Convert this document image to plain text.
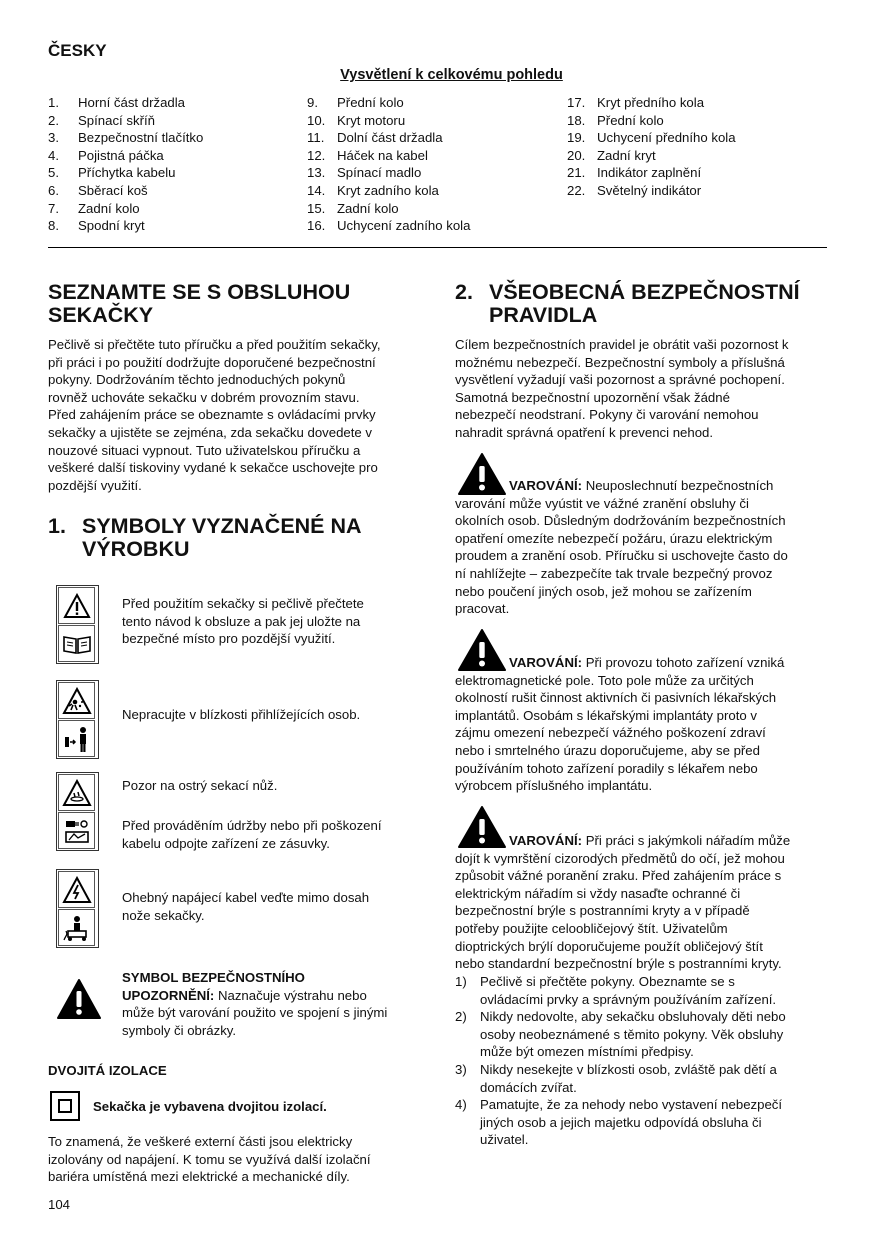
ČESKY
Vysvětlení k celkovému pohledu
1. Horní část držadla
2. Spínací skříň
3. Bezpečnostní tlačítko
4. Pojistná páčka
5. Příchytka kabelu
6. Sběrací koš
7. Zadní kolo
8. Spodní kryt
9. Přední kolo
10. Kryt motoru
11. Dolní část držadla
12. Háček na kabel
13. Spínací madlo
14. Kryt zadního kola
15. Zadní kolo
16. Uchycení zadního kola
17. Kryt předního kola
18. Přední kolo
19. Uchycení předního kola
20. Zadní kryt
21. Indikátor zaplnění
22. Světelný indikátor
SEZNAMTE SE S OBSLUHOU
SEKAČKY

Pečlivě si přečtěte tuto příručku a před použitím sekačky,
při práci i po použití dodržujte doporučené bezpečnostní
pokyny. Dodržováním těchto jednoduchých pokynů
rovněž uchováte sekačku v dobrém provozním stavu.
Před zahájením práce se obeznamte s ovládacími prvky
sekačky a ujistěte se zejména, zda sekačku dovedete v
nouzové situaci vypnout. Tuto uživatelskou příručku a
veškeré další tiskoviny vydané k sekačce uschovejte pro
pozdější využití.

1. SYMBOLY VYZNAČENÉ NA
VÝROBKU
Před použitím sekačky si pečlivě přečtete
tento návod k obsluze a pak jej uložte na
bezpečné místo pro pozdější využití.
Nepracujte v blízkosti přihlížejících osob.
Pozor na ostrý sekací nůž.
Před prováděním údržby nebo při poškození
kabelu odpojte zařízení ze zásuvky.
Ohebný napájecí kabel veďte mimo dosah
nože sekačky.
SYMBOL BEZPEČNOSTNÍHO
UPOZORNĚNÍ: Naznačuje výstrahu nebo
může být varování použito ve spojení s jinými
symboly či obrázky.
DVOJITÁ IZOLACE
Sekačka je vybavena dvojitou izolací.
To znamená, že veškeré externí části jsou elektricky
izolovány od napájení. K tomu se využívá další izolační
bariéra umístěná mezi elektrické a mechanické díly.
104
2. VŠEOBECNÁ BEZPEČNOSTNÍ
PRAVIDLA
Cílem bezpečnostních pravidel je obrátit vaši pozornost k
možnému nebezpečí. Bezpečnostní symboly a příslušná
vysvětlení vyžadují vaši pozornost a správné pochopení.
Samotná bezpečnostní upozornění však žádné
nebezpečí neodstraní. Pokyny či varování nemohou
nahradit správná opatření k prevenci nehod.
VAROVÁNÍ: Neuposlechnutí bezpečnostních
varování může vyústit ve vážné zranění obsluhy či
okolních osob. Důsledným dodržováním bezpečnostních
opatření omezíte nebezpečí požáru, úrazu elektrickým
proudem a zranění osob. Příručku si uschovejte často do
ní nahlížejte – zabezpečíte tak trvale bezpečný provoz
nebo poučení jiných osob, jež mohou se zařízením
pracovat.
VAROVÁNÍ: Při provozu tohoto zařízení vzniká
elektromagnetické pole. Toto pole může za určitých
okolností rušit činnost aktivních či pasivních lékařských
implantátů. Osobám s lékařskými implantáty proto v
zájmu omezení nebezpečí vážného poškození zdraví
nebo i smrtelného úrazu doporučujeme, aby se před
používáním tohoto zařízení poradily s lékařem nebo
výrobcem příslušného implantátu.
VAROVÁNÍ: Při práci s jakýmkoli nářadím může
dojít k vymrštění cizorodých předmětů do očí, jež mohou
způsobit vážné poranění zraku. Před zahájením práce s
elektrickým nářadím si vždy nasaďte ochranné či
bezpečnostní brýle s postranními kryty a v případě
potřeby použijte celoobličejový štít. Uživatelům
dioptrických brýlí doporučujeme použít obličejový štít
nebo standardní bezpečnostní brýle s postranními kryty.
1) Pečlivě si přečtěte pokyny. Obeznamte se s
ovládacími prvky a správným používáním zařízení.
2) Nikdy nedovolte, aby sekačku obsluhovaly děti nebo
osoby neobeznámené s těmito pokyny. Věk obsluhy
může být omezen místními předpisy.
3) Nikdy nesekejte v blízkosti osob, zvláště pak dětí a
domácích zvířat.
4) Pamatujte, že za nehody nebo vystavení nebezpečí
jiných osob a jejich majetku odpovídá obsluha či
uživatel.
